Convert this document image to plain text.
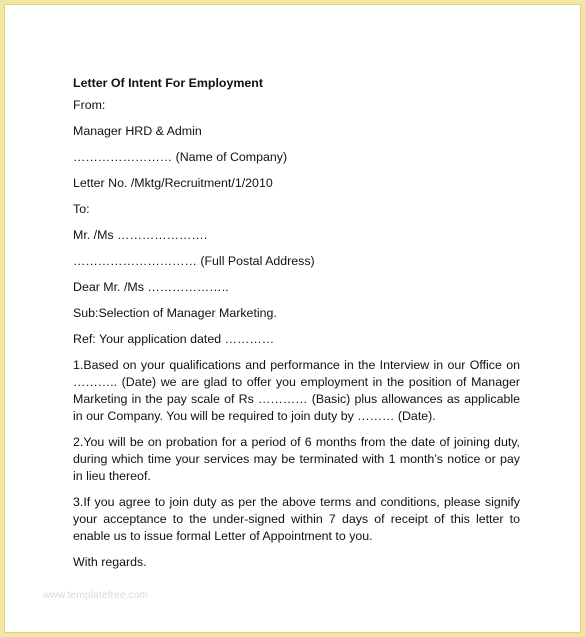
Letter Of Intent For Employment
From:
Manager HRD & Admin
…………………… (Name of Company)
Letter No. /Mktg/Recruitment/1/2010
To:
Mr. /Ms ………………….
………………………… (Full Postal Address)
Dear Mr. /Ms ………………..
Sub:Selection of Manager Marketing.
Ref: Your application dated …………
1.Based on your qualifications and performance in the Interview in our Office on ……….. (Date) we are glad to offer you employment in the position of Manager Marketing in the pay scale of Rs ………… (Basic) plus allowances as applicable in our Company. You will be required to join duty by ……… (Date).
2.You will be on probation for a period of 6 months from the date of joining duty, during which time your services may be terminated with 1 month’s notice or pay in lieu thereof.
3.If you agree to join duty as per the above terms and conditions, please signify your acceptance to the under-signed within 7 days of receipt of this letter to enable us to issue formal Letter of Appointment to you.
With regards.
www.templatefree.com
